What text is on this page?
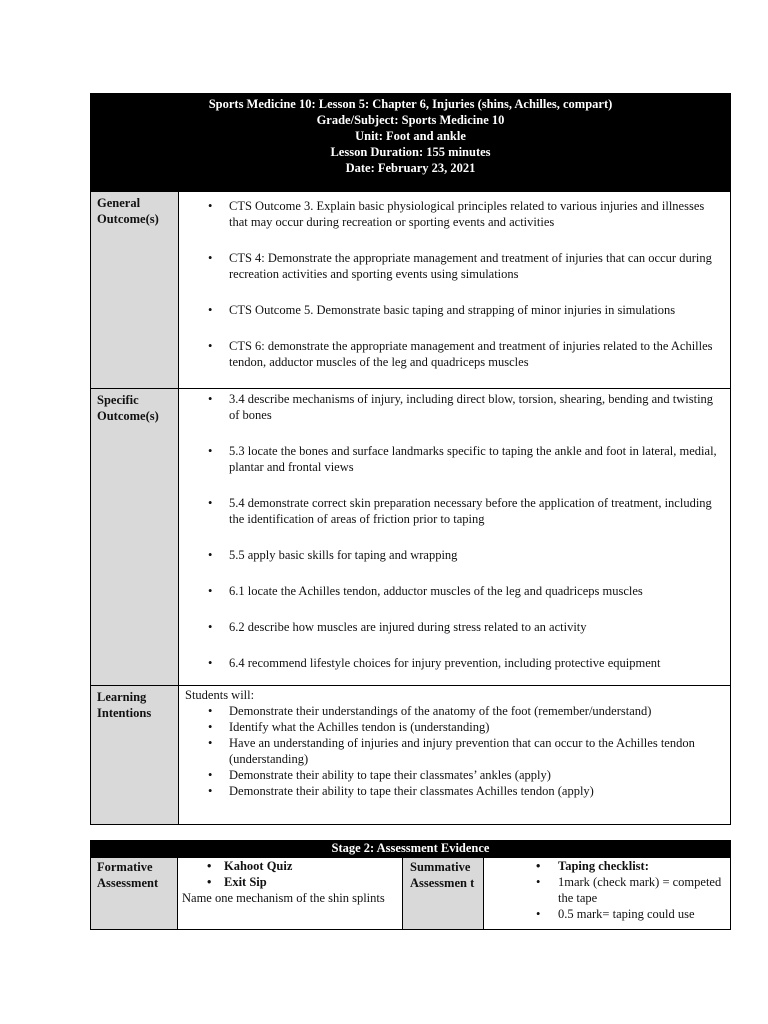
Sports Medicine 10: Lesson 5: Chapter 6, Injuries (shins, Achilles, compart)
Grade/Subject: Sports Medicine 10
Unit: Foot and ankle
Lesson Duration: 155 minutes
Date: February 23, 2021
General Outcome(s)
• CTS Outcome 3. Explain basic physiological principles related to various injuries and illnesses that may occur during recreation or sporting events and activities
• CTS 4: Demonstrate the appropriate management and treatment of injuries that can occur during recreation activities and sporting events using simulations
• CTS Outcome 5. Demonstrate basic taping and strapping of minor injuries in simulations
• CTS 6: demonstrate the appropriate management and treatment of injuries related to the Achilles tendon, adductor muscles of the leg and quadriceps muscles
Specific Outcome(s)
• 3.4 describe mechanisms of injury, including direct blow, torsion, shearing, bending and twisting of bones
• 5.3 locate the bones and surface landmarks specific to taping the ankle and foot in lateral, medial, plantar and frontal views
• 5.4 demonstrate correct skin preparation necessary before the application of treatment, including the identification of areas of friction prior to taping
• 5.5 apply basic skills for taping and wrapping
• 6.1 locate the Achilles tendon, adductor muscles of the leg and quadriceps muscles
• 6.2 describe how muscles are injured during stress related to an activity
• 6.4 recommend lifestyle choices for injury prevention, including protective equipment
Learning Intentions
Students will:
• Demonstrate their understandings of the anatomy of the foot (remember/understand)
• Identify what the Achilles tendon is (understanding)
• Have an understanding of injuries and injury prevention that can occur to the Achilles tendon (understanding)
• Demonstrate their ability to tape their classmates’ ankles (apply)
• Demonstrate their ability to tape their classmates Achilles tendon (apply)
Stage 2: Assessment Evidence
Formative Assessment
• Kahoot Quiz
• Exit Sip
Name one mechanism of the shin splints
Summative Assessmen t
• Taping checklist:
• 1mark (check mark) = competed the tape
• 0.5 mark= taping could use
